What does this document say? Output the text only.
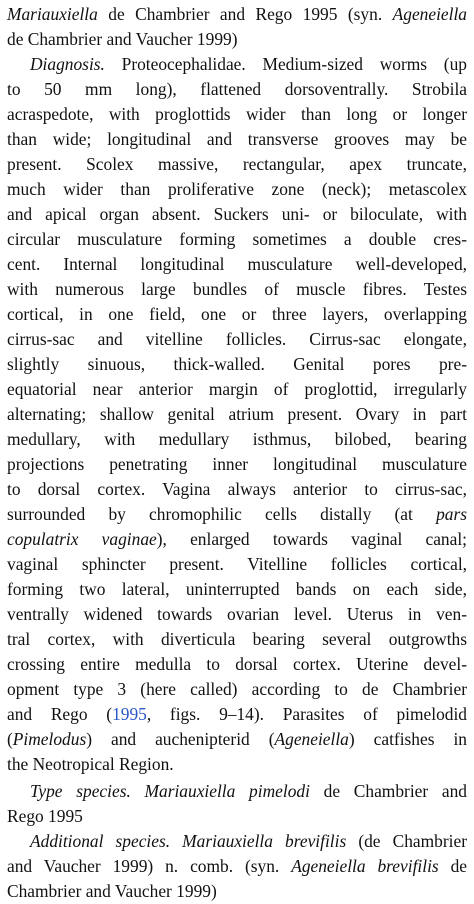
Mariauxiella de Chambrier and Rego 1995 (syn. Ageneiella
de Chambrier and Vaucher 1999)
Diagnosis. Proteocephalidae. Medium-sized worms (up
to 50 mm long), flattened dorsoventrally. Strobila
acraspedote, with proglottids wider than long or longer
than wide; longitudinal and transverse grooves may be
present. Scolex massive, rectangular, apex truncate,
much wider than proliferative zone (neck); metascolex
and apical organ absent. Suckers uni- or biloculate, with
circular musculature forming sometimes a double cres-
cent. Internal longitudinal musculature well-developed,
with numerous large bundles of muscle fibres. Testes
cortical, in one field, one or three layers, overlapping
cirrus-sac and vitelline follicles. Cirrus-sac elongate,
slightly sinuous, thick-walled. Genital pores pre-
equatorial near anterior margin of proglottid, irregularly
alternating; shallow genital atrium present. Ovary in part
medullary, with medullary isthmus, bilobed, bearing
projections penetrating inner longitudinal musculature
to dorsal cortex. Vagina always anterior to cirrus-sac,
surrounded by chromophilic cells distally (at pars
copulatrix vaginae), enlarged towards vaginal canal;
vaginal sphincter present. Vitelline follicles cortical,
forming two lateral, uninterrupted bands on each side,
ventrally widened towards ovarian level. Uterus in ven-
tral cortex, with diverticula bearing several outgrowths
crossing entire medulla to dorsal cortex. Uterine devel-
opment type 3 (here called) according to de Chambrier
and Rego (1995, figs. 9–14). Parasites of pimelodid
(Pimelodus) and auchenipterid (Ageneiella) catfishes in
the Neotropical Region.
Type species. Mariauxiella pimelodi de Chambrier and
Rego 1995
Additional species. Mariauxiella brevifilis (de Chambrier
and Vaucher 1999) n. comb. (syn. Ageneiella brevifilis de
Chambrier and Vaucher 1999)
